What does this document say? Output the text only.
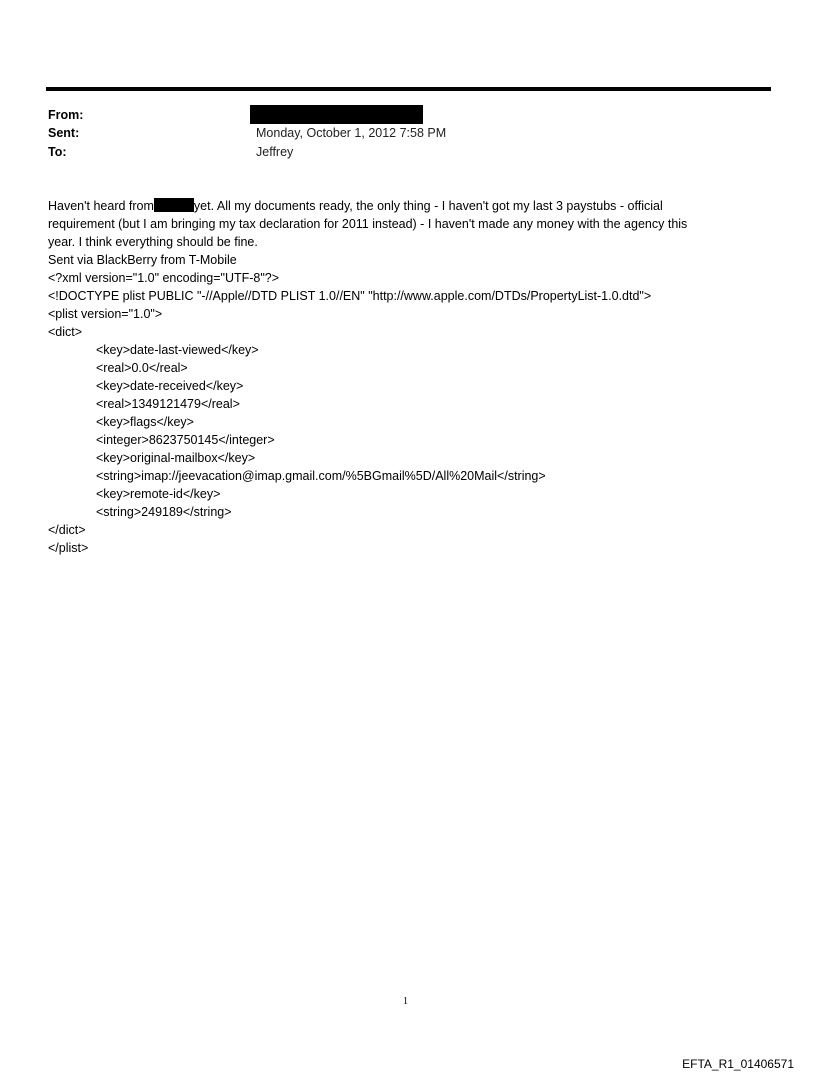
From:
Sent:	Monday, October 1, 2012 7:58 PM
To:	Jeffrey
Haven't heard from	yet. All my documents ready, the only thing - I haven't got my last 3 paystubs - official
requirement (but I am bringing my tax declaration for 2011 instead) - I haven't made any money with the agency this
year. I think everything should be fine.
Sent via BlackBerry from T-Mobile
<?xml version="1.0" encoding="UTF-8"?>
<!DOCTYPE plist PUBLIC "-//Apple//DTD PLIST 1.0//EN" "http://www.apple.com/DTDs/PropertyList-1.0.dtd">
<plist version="1.0">
<dict>
<key>date-last-viewed</key>
<real>0.0</real>
<key>date-received</key>
<real>1349121479</real>
<key>flags</key>
<integer>8623750145</integer>
<key>original-mailbox</key>
<string>imap://jeevacation@imap.gmail.com/%5BGmail%5D/All%20Mail</string>
<key>remote-id</key>
<string>249189</string>
</dict>
</plist>
1
EFTA_R1_01406571
